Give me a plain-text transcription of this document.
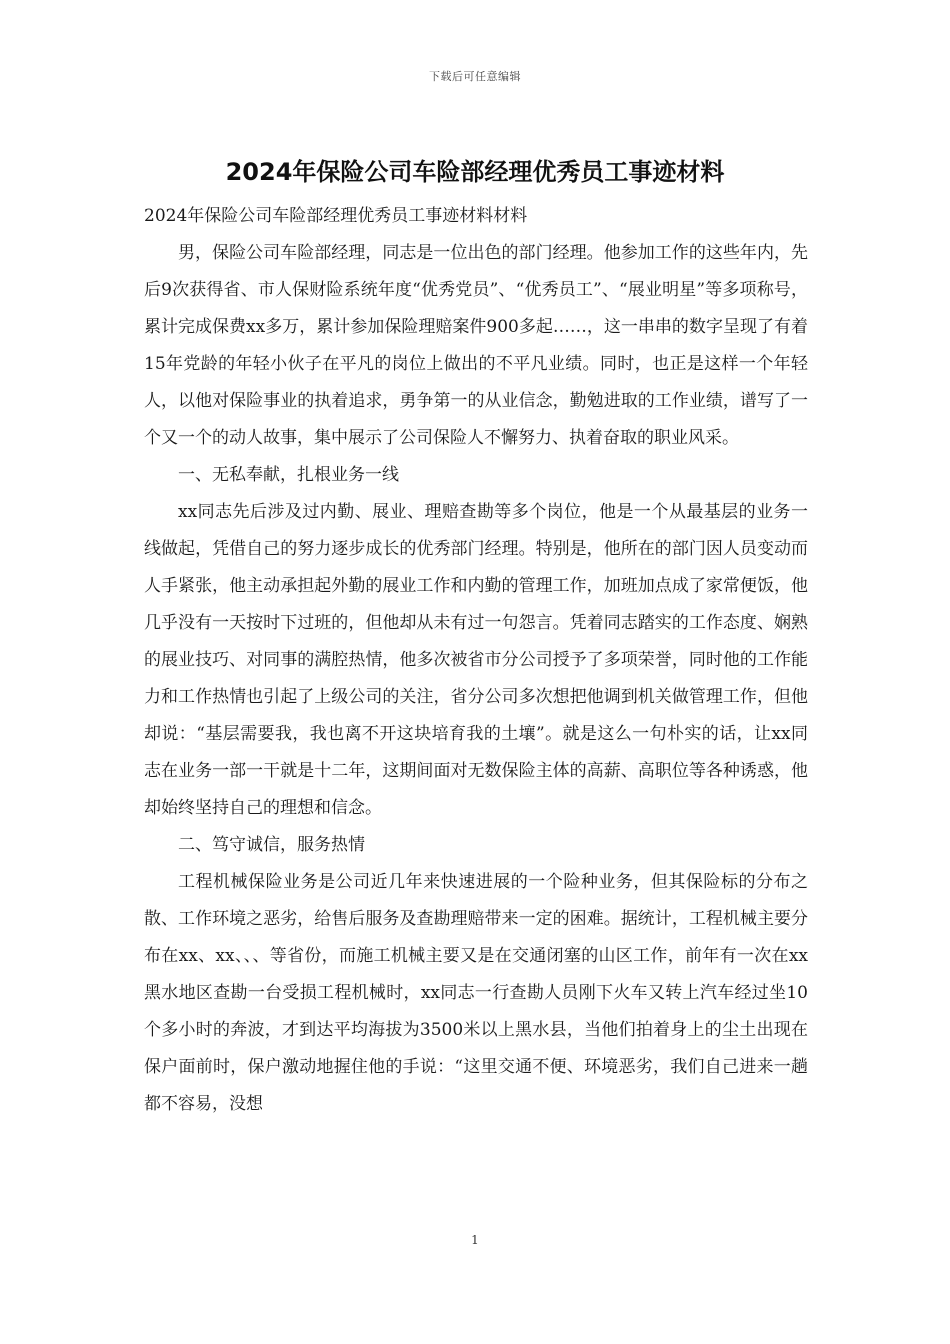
下载后可任意编辑
2024年保险公司车险部经理优秀员工事迹材料

2024年保险公司车险部经理优秀员工事迹材料材料

男，保险公司车险部经理，同志是一位出色的部门经理。他参加工作的这些年内，先后9次获得省、市人保财险系统年度“优秀党员”、“优秀员工”、“展业明星”等多项称号，累计完成保费xx多万，累计参加保险理赔案件900多起……，这一串串的数字呈现了有着15年党龄的年轻小伙子在平凡的岗位上做出的不平凡业绩。同时，也正是这样一个年轻人，以他对保险事业的执着追求，勇争第一的从业信念，勤勉进取的工作业绩，谱写了一个又一个的动人故事，集中展示了公司保险人不懈努力、执着奋取的职业风采。

一、无私奉献，扎根业务一线

xx同志先后涉及过内勤、展业、理赔查勘等多个岗位，他是一个从最基层的业务一线做起，凭借自己的努力逐步成长的优秀部门经理。特别是，他所在的部门因人员变动而人手紧张，他主动承担起外勤的展业工作和内勤的管理工作，加班加点成了家常便饭，他几乎没有一天按时下过班的，但他却从未有过一句怨言。凭着同志踏实的工作态度、娴熟的展业技巧、对同事的满腔热情，他多次被省市分公司授予了多项荣誉，同时他的工作能力和工作热情也引起了上级公司的关注，省分公司多次想把他调到机关做管理工作，但他却说：“基层需要我，我也离不开这块培育我的土壤”。就是这么一句朴实的话，让xx同志在业务一部一干就是十二年，这期间面对无数保险主体的高薪、高职位等各种诱惑，他却始终坚持自己的理想和信念。

二、笃守诚信，服务热情

工程机械保险业务是公司近几年来快速进展的一个险种业务，但其保险标的分布之散、工作环境之恶劣，给售后服务及查勘理赔带来一定的困难。据统计，工程机械主要分布在xx、xx、、、等省份，而施工机械主要又是在交通闭塞的山区工作，前年有一次在xx黑水地区查勘一台受损工程机械时，xx同志一行查勘人员刚下火车又转上汽车经过坐10个多小时的奔波，才到达平均海拔为3500米以上黑水县，当他们拍着身上的尘土出现在保户面前时，保户激动地握住他的手说：“这里交通不便、环境恶劣，我们自己进来一趟都不容易，没想

1
